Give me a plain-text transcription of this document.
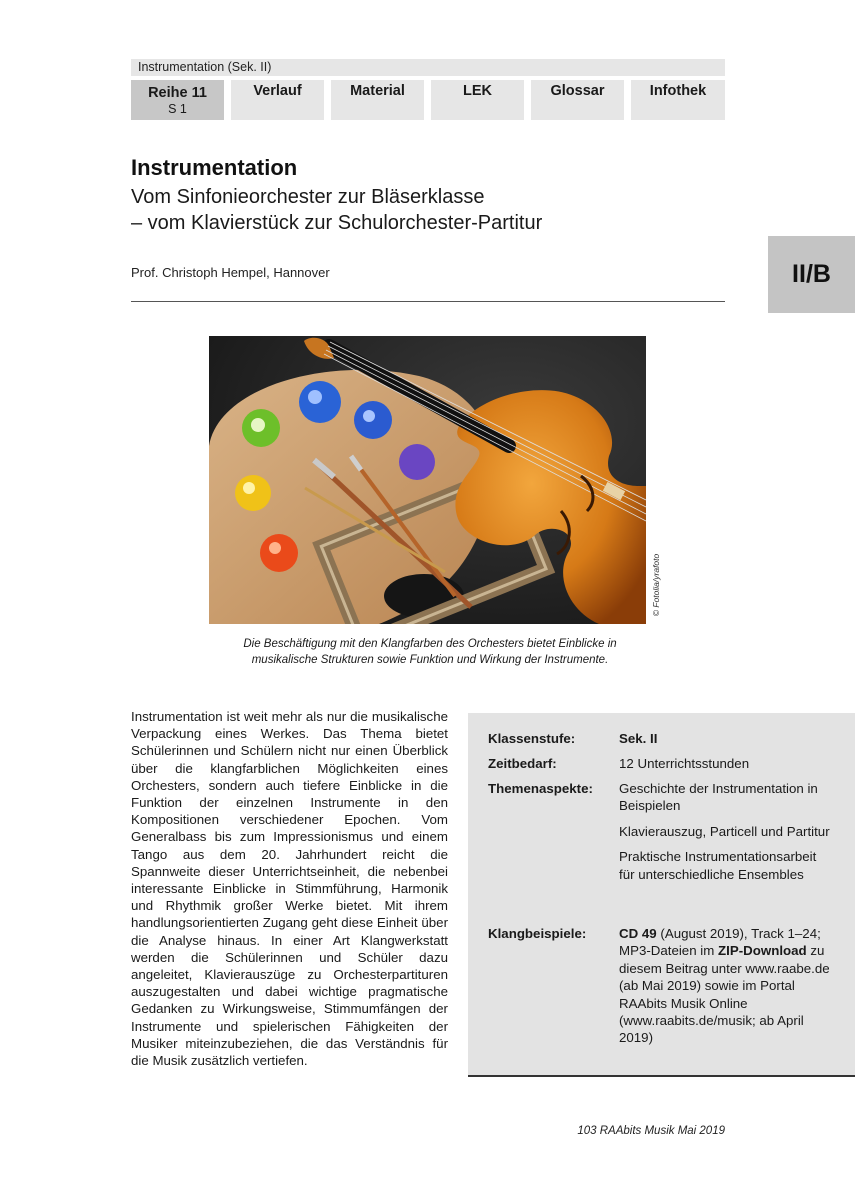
Instrumentation (Sek. II)
Reihe 11
S 1
Verlauf	Material	LEK	Glossar	Infothek
Instrumentation
Vom Sinfonieorchester zur Bläserklasse
– vom Klavierstück zur Schulorchester-Partitur
Prof. Christoph Hempel, Hannover	II/B
© Fotolia/yrafoto
Die Beschäftigung mit den Klangfarben des Orchesters bietet Einblicke in
musikalische Strukturen sowie Funktion und Wirkung der Instrumente.
Instrumentation ist weit mehr als nur die musikalische Verpackung eines Werkes. Das Thema bietet Schülerinnen und Schülern nicht nur einen Überblick über die klangfarblichen Möglichkeiten eines Orchesters, sondern auch tiefere Einblicke in die Funktion der einzelnen Instrumente in den Kompositionen verschiedener Epochen. Vom Generalbass bis zum Impressionismus und einem Tango aus dem 20. Jahrhundert reicht die Spannweite dieser Unterrichtseinheit, die nebenbei interessante Einblicke in Stimmführung, Harmonik und Rhythmik großer Werke bietet. Mit ihrem handlungsorientierten Zugang geht diese Einheit über die Analyse hinaus. In einer Art Klangwerkstatt werden die Schülerinnen und Schüler dazu angeleitet, Klavierauszüge zu Orchesterpartituren auszugestalten und dabei wichtige pragmatische Gedanken zu Wirkungsweise, Stimmumfängen der Instrumente und spielerischen Fähigkeiten der Musiker miteinzubeziehen, die das Verständnis für die Musik zusätzlich vertiefen.
Klassenstufe:	Sek. II
Zeitbedarf:	12 Unterrichtsstunden
Themenaspekte: Geschichte der Instrumentation in Beispielen

Klavierauszug, Particell und Partitur

Praktische Instrumentationsarbeit für unterschiedliche Ensembles

Klangbeispiele: CD 49 (August 2019), Track 1–24; MP3-Dateien im ZIP-Download zu diesem Beitrag unter www.raabe.de (ab Mai 2019) sowie im Portal RAAbits Musik Online (www.raabits.de/musik; ab April 2019)
103 RAAbits Musik Mai 2019
